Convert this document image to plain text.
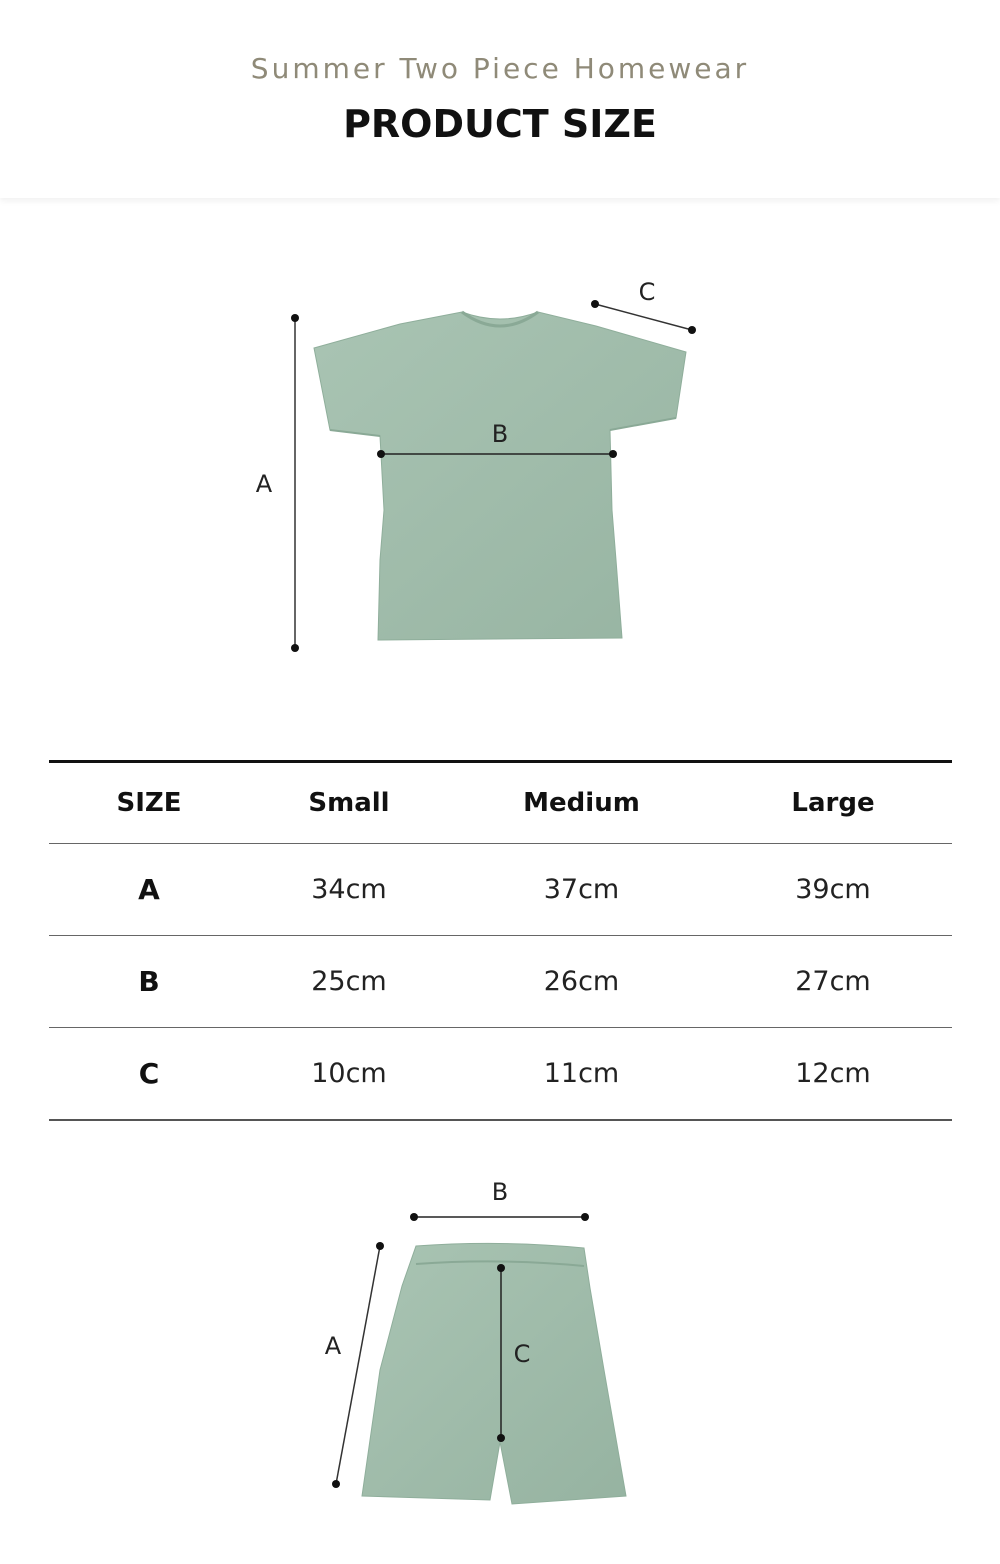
Summer Two Piece Homewear
PRODUCT SIZE
A
B
C
SIZE	Small	Medium	Large
A	34cm	37cm	39cm
B	25cm	26cm	27cm
C	10cm	11cm	12cm
B
A	C
